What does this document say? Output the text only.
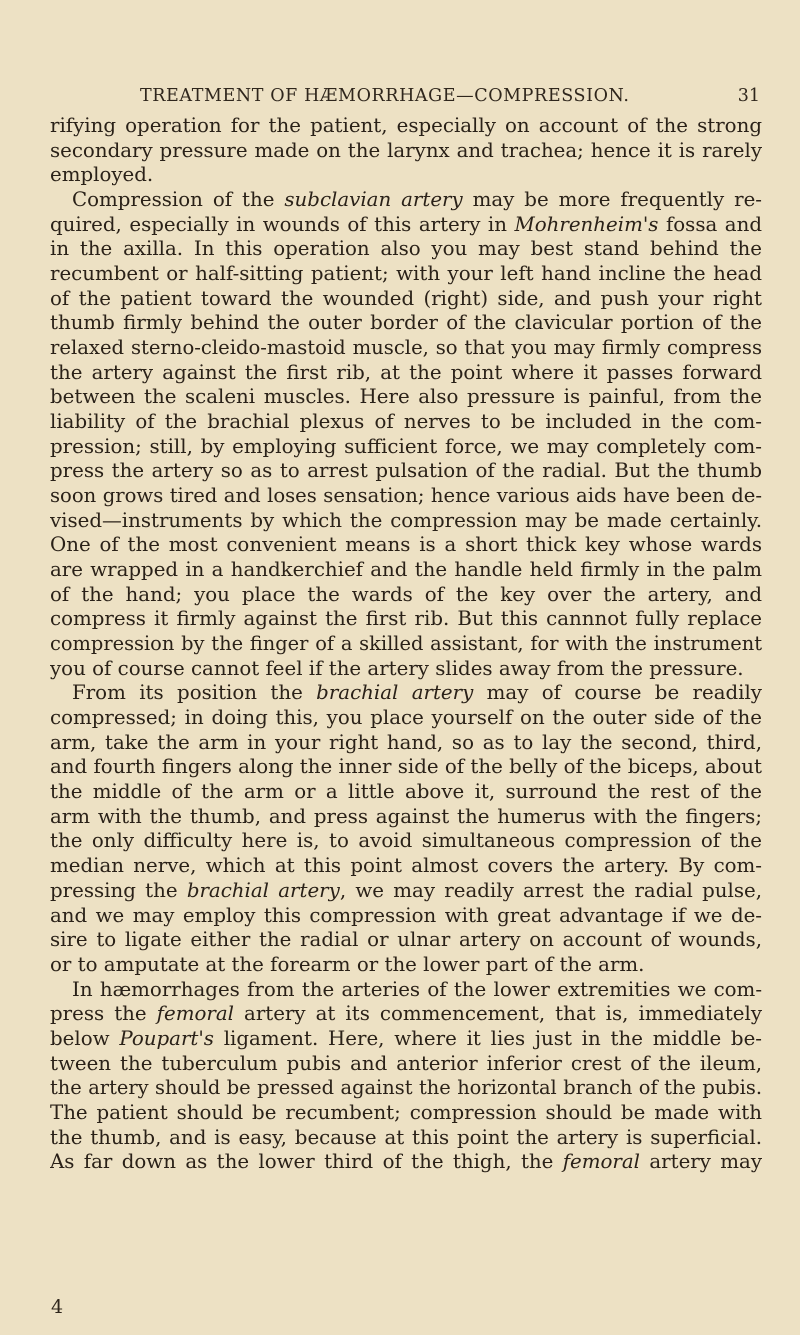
TREATMENT OF HÆMORRHAGE—COMPRESSION.	31
rifying operation for the patient, especially on account of the strong
secondary pressure made on the larynx and trachea; hence it is rarely
employed.
Compression of the subclavian artery may be more frequently re-
quired, especially in wounds of this artery in Mohrenheim's fossa and
in the axilla. In this operation also you may best stand behind the
recumbent or half-sitting patient; with your left hand incline the head
of the patient toward the wounded (right) side, and push your right
thumb firmly behind the outer border of the clavicular portion of the
relaxed sterno-cleido-mastoid muscle, so that you may firmly compress
the artery against the first rib, at the point where it passes forward
between the scaleni muscles. Here also pressure is painful, from the
liability of the brachial plexus of nerves to be included in the com-
pression; still, by employing sufficient force, we may completely com-
press the artery so as to arrest pulsation of the radial. But the thumb
soon grows tired and loses sensation; hence various aids have been de-
vised—instruments by which the compression may be made certainly.
One of the most convenient means is a short thick key whose wards
are wrapped in a handkerchief and the handle held firmly in the palm
of the hand; you place the wards of the key over the artery, and
compress it firmly against the first rib. But this cannnot fully replace
compression by the finger of a skilled assistant, for with the instrument
you of course cannot feel if the artery slides away from the pressure.
From its position the brachial artery may of course be readily
compressed; in doing this, you place yourself on the outer side of the
arm, take the arm in your right hand, so as to lay the second, third,
and fourth fingers along the inner side of the belly of the biceps, about
the middle of the arm or a little above it, surround the rest of the
arm with the thumb, and press against the humerus with the fingers;
the only difficulty here is, to avoid simultaneous compression of the
median nerve, which at this point almost covers the artery. By com-
pressing the brachial artery, we may readily arrest the radial pulse,
and we may employ this compression with great advantage if we de-
sire to ligate either the radial or ulnar artery on account of wounds,
or to amputate at the forearm or the lower part of the arm.
In hæmorrhages from the arteries of the lower extremities we com-
press the femoral artery at its commencement, that is, immediately
below Poupart's ligament. Here, where it lies just in the middle be-
tween the tuberculum pubis and anterior inferior crest of the ileum,
the artery should be pressed against the horizontal branch of the pubis.
The patient should be recumbent; compression should be made with
the thumb, and is easy, because at this point the artery is superficial.
As far down as the lower third of the thigh, the femoral artery may
4
